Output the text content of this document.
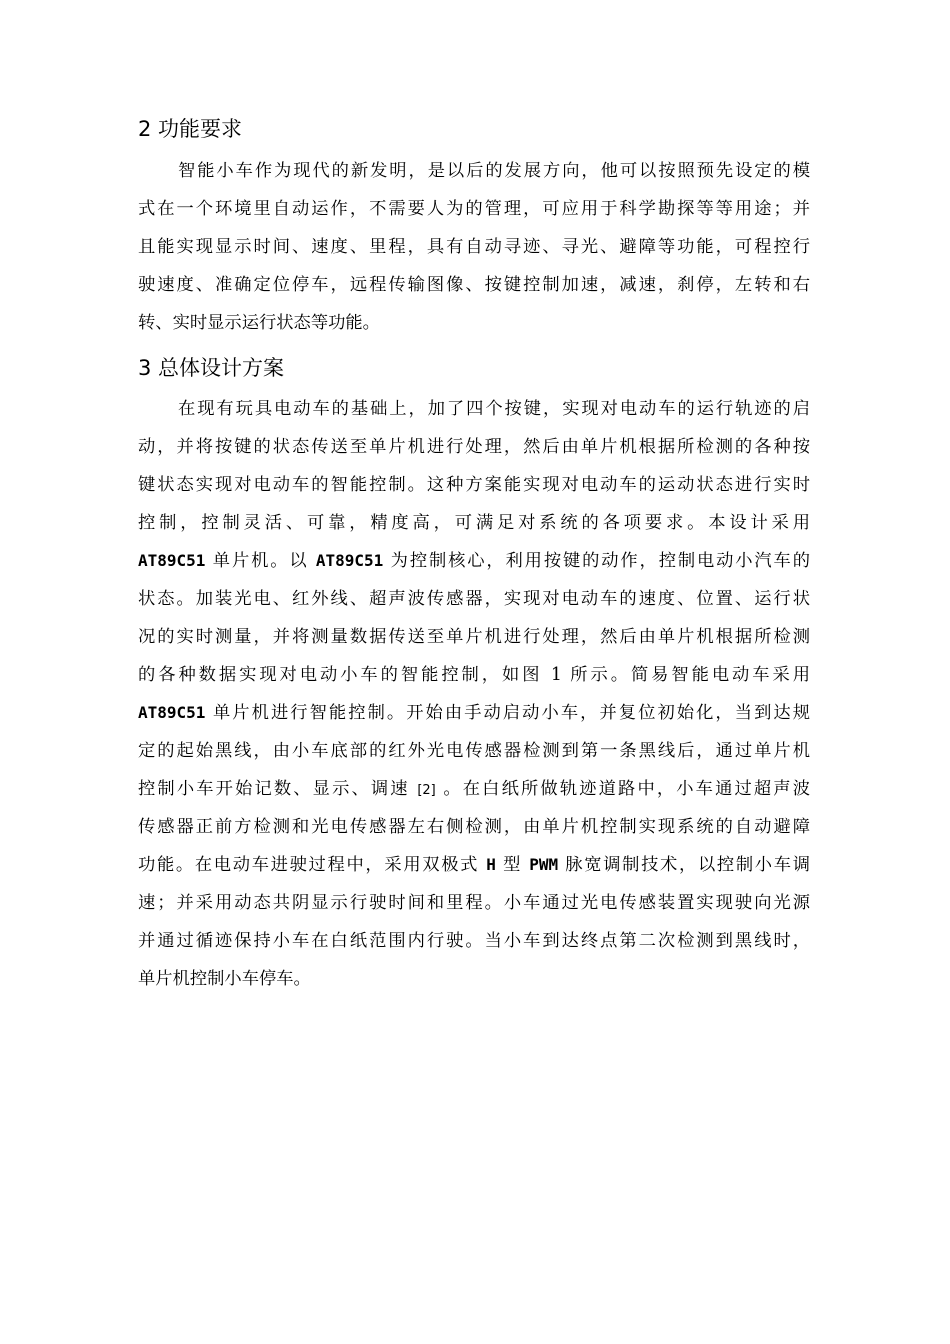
2 功能要求
智能小车作为现代的新发明，是以后的发展方向，他可以按照预先设定的模
式在一个环境里自动运作，不需要人为的管理，可应用于科学勘探等等用途；并
且能实现显示时间、速度、里程，具有自动寻迹、寻光、避障等功能，可程控行
驶速度、准确定位停车，远程传输图像、按键控制加速，减速，刹停，左转和右
转、实时显示运行状态等功能。
3 总体设计方案
在现有玩具电动车的基础上，加了四个按键，实现对电动车的运行轨迹的启
动，并将按键的状态传送至单片机进行处理，然后由单片机根据所检测的各种按
键状态实现对电动车的智能控制。这种方案能实现对电动车的运动状态进行实时
控制，控制灵活、可靠，精度高，可满足对系统的各项要求。本设计采用
AT89C51 单片机。以 AT89C51 为控制核心，利用按键的动作，控制电动小汽车的
状态。加装光电、红外线、超声波传感器，实现对电动车的速度、位置、运行状
况的实时测量，并将测量数据传送至单片机进行处理，然后由单片机根据所检测
的各种数据实现对电动小车的智能控制，如图 1 所示。简易智能电动车采用
AT89C51 单片机进行智能控制。开始由手动启动小车，并复位初始化，当到达规
定的起始黑线，由小车底部的红外光电传感器检测到第一条黑线后，通过单片机
控制小车开始记数、显示、调速 [2] 。在白纸所做轨迹道路中，小车通过超声波
传感器正前方检测和光电传感器左右侧检测，由单片机控制实现系统的自动避障
功能。在电动车进驶过程中，采用双极式 H 型 PWM 脉宽调制技术，以控制小车调
速；并采用动态共阴显示行驶时间和里程。小车通过光电传感装置实现驶向光源
并通过循迹保持小车在白纸范围内行驶。当小车到达终点第二次检测到黑线时，
单片机控制小车停车。
